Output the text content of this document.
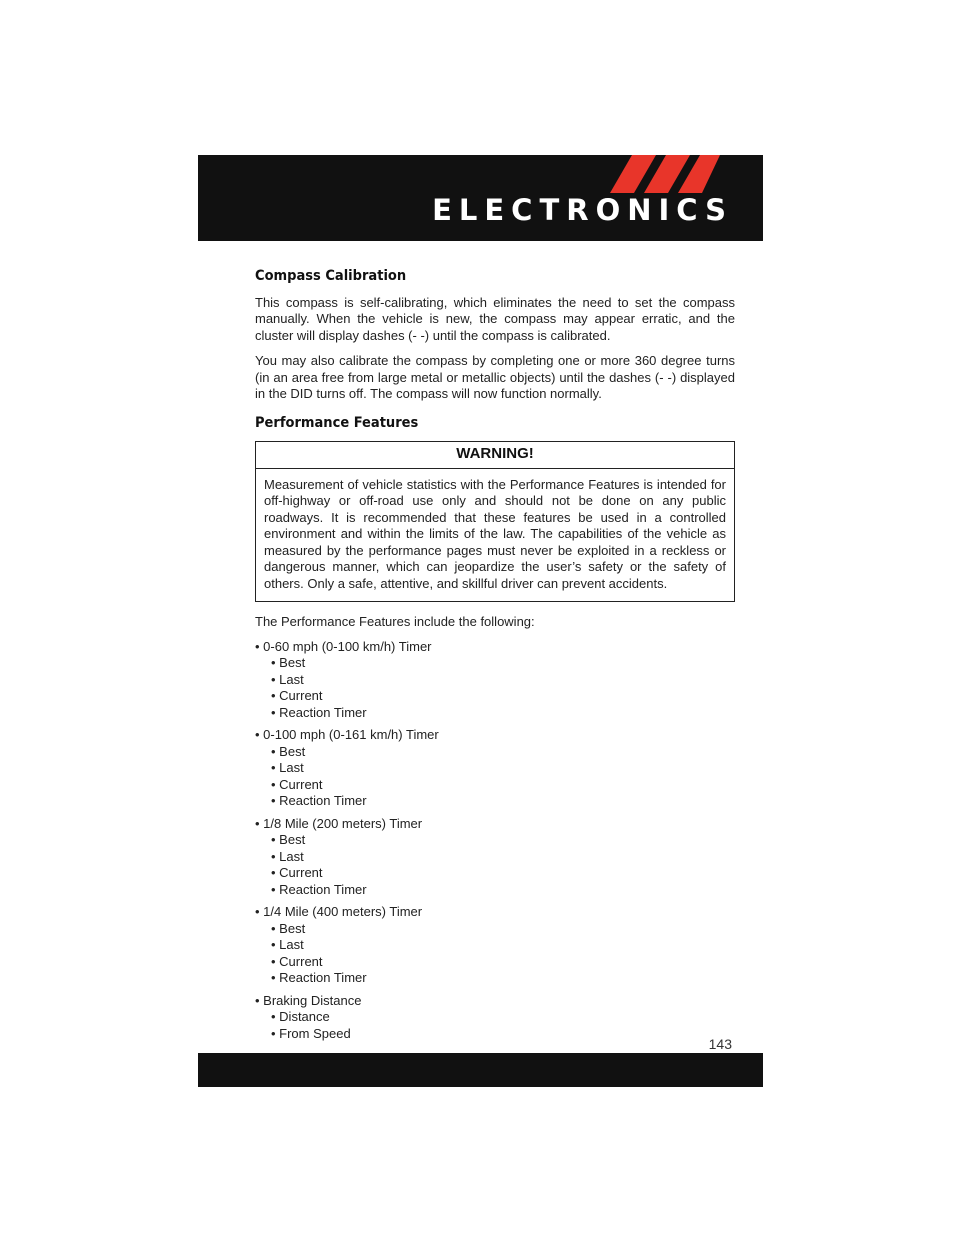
ELECTRONICS
Compass Calibration

This compass is self-calibrating, which eliminates the need to set the compass manually. When the vehicle is new, the compass may appear erratic, and the cluster will display dashes (- -) until the compass is calibrated.

You may also calibrate the compass by completing one or more 360 degree turns (in an area free from large metal or metallic objects) until the dashes (- -) displayed in the DID turns off. The compass will now function normally.

Performance Features
WARNING!
Measurement of vehicle statistics with the Performance Features is intended for off-highway or off-road use only and should not be done on any public roadways. It is recommended that these features be used in a controlled environment and within the limits of the law. The capabilities of the vehicle as measured by the performance pages must never be exploited in a reckless or dangerous manner, which can jeopardize the user’s safety or the safety of others. Only a safe, attentive, and skillful driver can prevent accidents.

The Performance Features include the following:

• 0-60 mph (0-100 km/h) Timer
• Best
• Last
• Current
• Reaction Timer
• 0-100 mph (0-161 km/h) Timer
• Best
• Last
• Current
• Reaction Timer
• 1/8 Mile (200 meters) Timer
• Best
• Last
• Current
• Reaction Timer
• 1/4 Mile (400 meters) Timer
• Best
• Last
• Current
• Reaction Timer
• Braking Distance
• Distance
• From Speed
143
